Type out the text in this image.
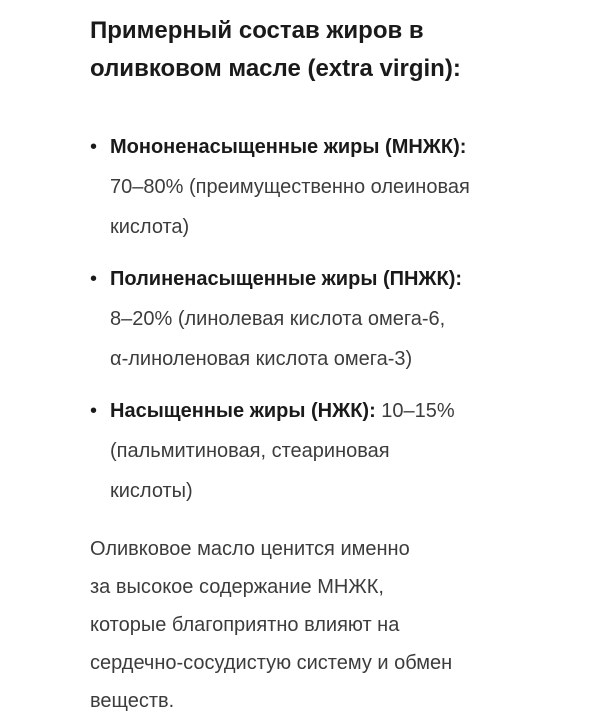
Примерный состав жиров в
оливковом масле (extra virgin):
• Мононенасыщенные жиры (МНЖК):
70–80% (преимущественно олеиновая
кислота)
• Полиненасыщенные жиры (ПНЖК):
8–20% (линолевая кислота омега-6,
α-линоленовая кислота омега-3)
• Насыщенные жиры (НЖК): 10–15%
(пальмитиновая, стеариновая
кислоты)

Оливковое масло ценится именно
за высокое содержание МНЖК,
которые благоприятно влияют на
сердечно-сосудистую систему и обмен
веществ.
